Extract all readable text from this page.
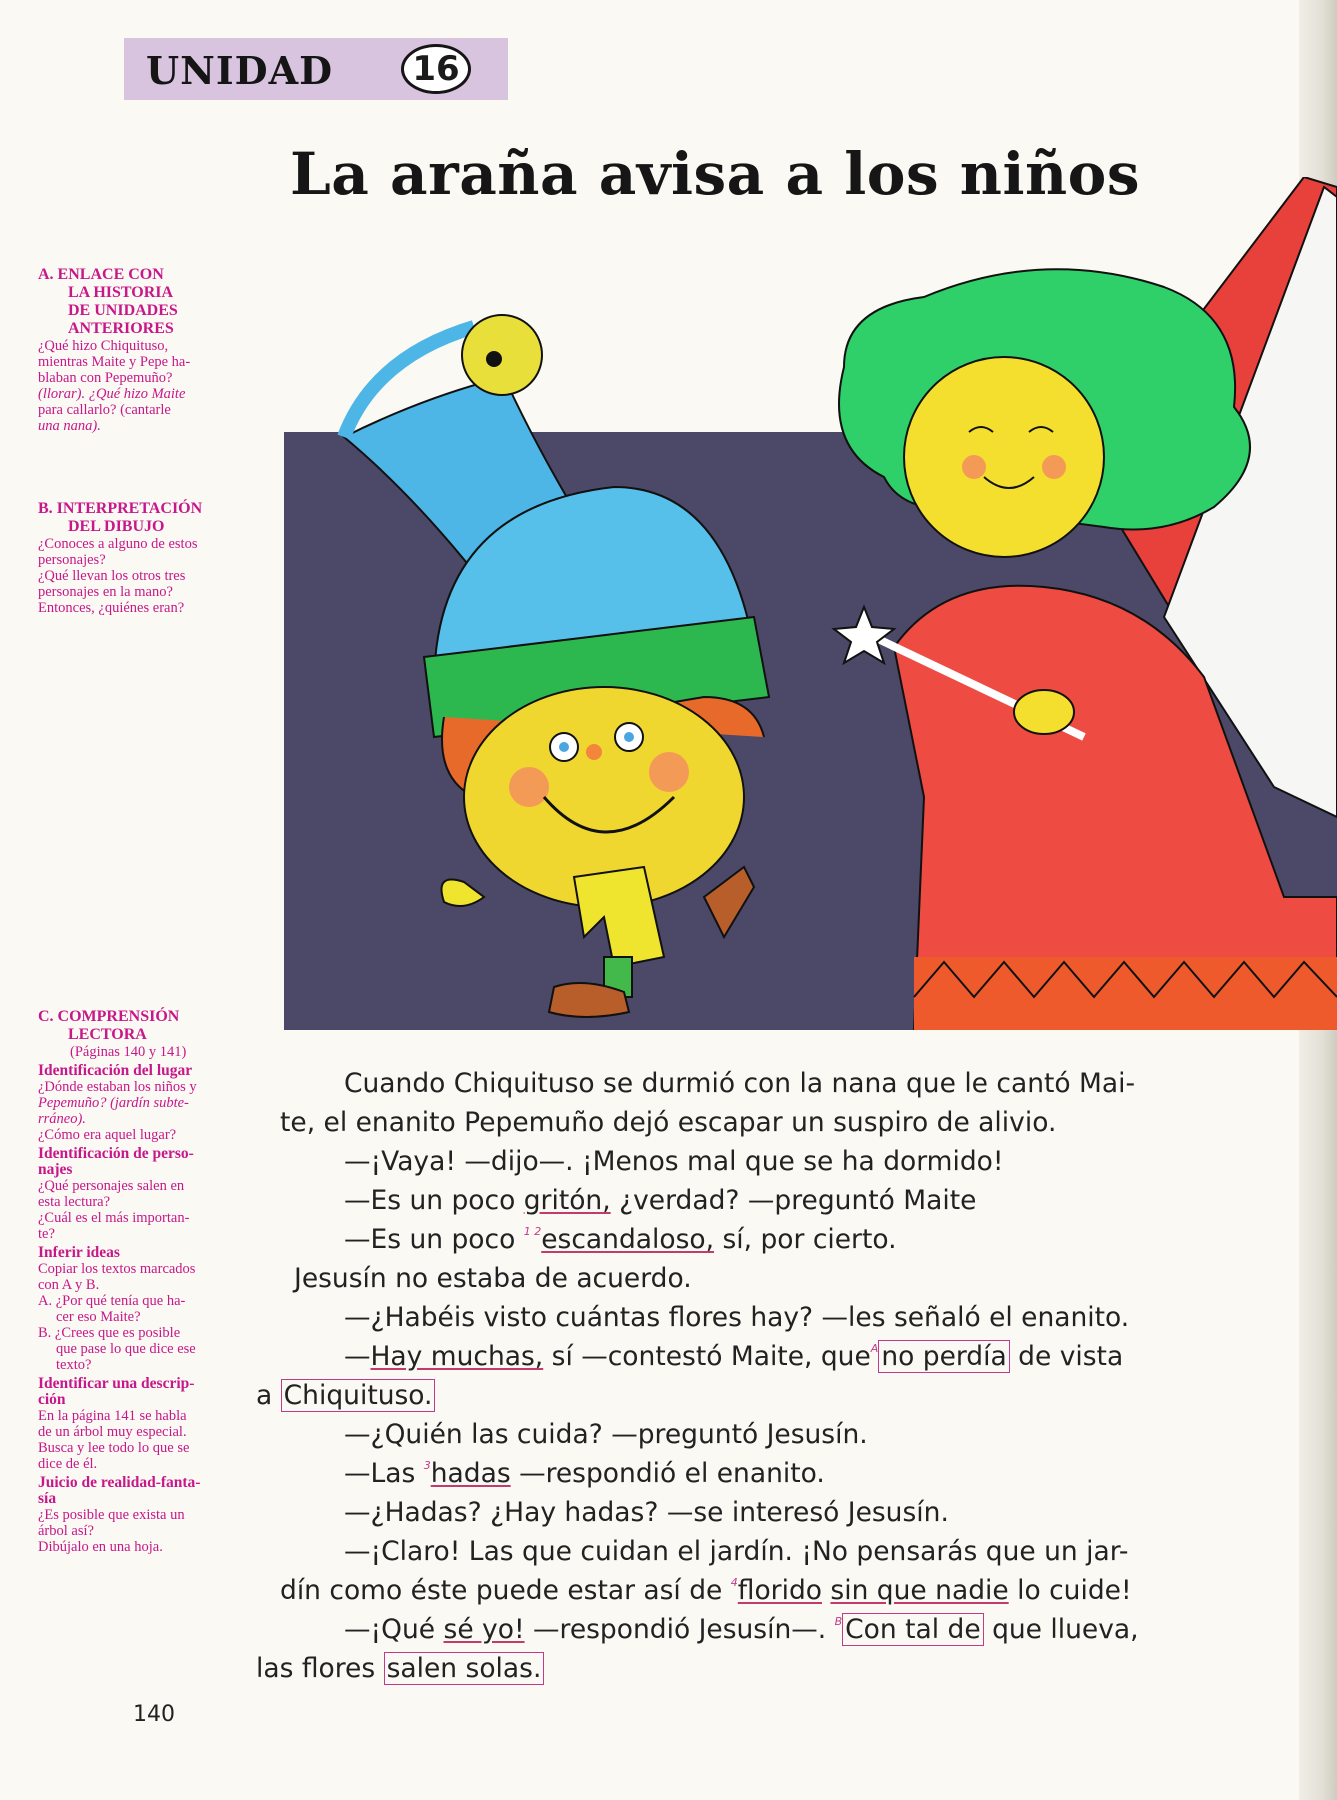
UNIDAD	16
La araña avisa a los niños
A. ENLACE CON
LA HISTORIA
DE UNIDADES
ANTERIORES

¿Qué hizo Chiquituso,

mientras Maite y Pepe ha-

blaban con Pepemuño?

(llorar). ¿Qué hizo Maite

para callarlo? (cantarle

una nana).

B. INTERPRETACIÓN
DEL DIBUJO

¿Conoces a alguno de estos

personajes?

¿Qué llevan los otros tres

personajes en la mano?

Entonces, ¿quiénes eran?

C. COMPRENSIÓN
LECTORA
(Páginas 140 y 141)
Identificación del lugar

¿Dónde estaban los niños y

Pepemuño? (jardín subte-

rráneo).

¿Cómo era aquel lugar?

Identificación de perso-
najes

¿Qué personajes salen en

esta lectura?

¿Cuál es el más importan-

te?

Inferir ideas

Copiar los textos marcados

con A y B.

A. ¿Por qué tenía que ha-

cer eso Maite?

B. ¿Crees que es posible

que pase lo que dice ese

texto?

Identificar una descrip-
ción

En la página 141 se habla

de un árbol muy especial.

Busca y lee todo lo que se

dice de él.

Juicio de realidad-fanta-
sía

¿Es posible que exista un

árbol así?

Dibújalo en una hoja.

Cuando Chiquituso se durmió con la nana que le cantó Mai-

te, el enanito Pepemuño dejó escapar un suspiro de alivio.

—¡Vaya! —dijo—. ¡Menos mal que se ha dormido!

—Es un poco gritón, ¿verdad? —preguntó Maite

—Es un poco $^{1 2}$escandaloso, sí, por cierto.

Jesusín no estaba de acuerdo.

—¿Habéis visto cuántas flores hay? —les señaló el enanito.

—Hay muchas, sí —contestó Maite, que$^A$ no perdía de vista

a Chiquituso.

—¿Quién las cuida? —preguntó Jesusín.

—Las $^3$hadas —respondió el enanito.

—¿Hadas? ¿Hay hadas? —se interesó Jesusín.

—¡Claro! Las que cuidan el jardín. ¡No pensarás que un jar-

dín como éste puede estar así de $^4$florido sin que nadie lo cuide!

—¡Qué sé yo! —respondió Jesusín—. $^B$ Con tal de que llueva,

las flores salen solas.

140
